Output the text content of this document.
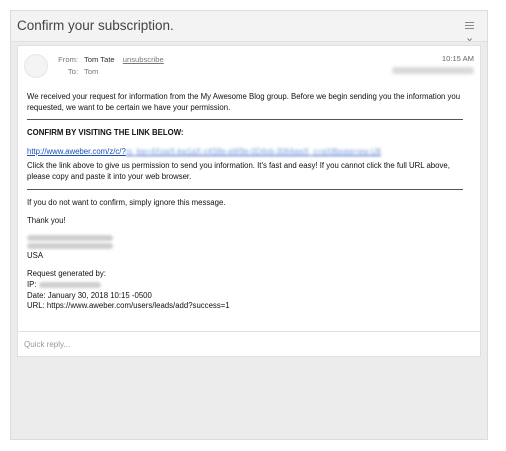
Confirm your subscription.
⌄
From: Tom Tate unsubscribe
To: Tom
10:15 AM

We received your request for information from the My Awesome Blog group. Before we begin sending you the information you requested, we want to be certain we have your permission.

CONFIRM BY VISITING THE LINK BELOW:

http://www.aweber.com/z/c/?rs_kw=4XxwX-kw1aX-c4S8e-aW9e-0D4xb-3064awX_c=aX8bxaw=ew-U8

Click the link above to give us permission to send you information. It's fast and easy! If you cannot click the full URL above, please copy and paste it into your web browser.

If you do not want to confirm, simply ignore this message.

Thank you!

USA

Request generated by:

IP:

Date: January 30, 2018 10:15 -0500

URL: https://www.aweber.com/users/leads/add?success=1

Quick reply...
